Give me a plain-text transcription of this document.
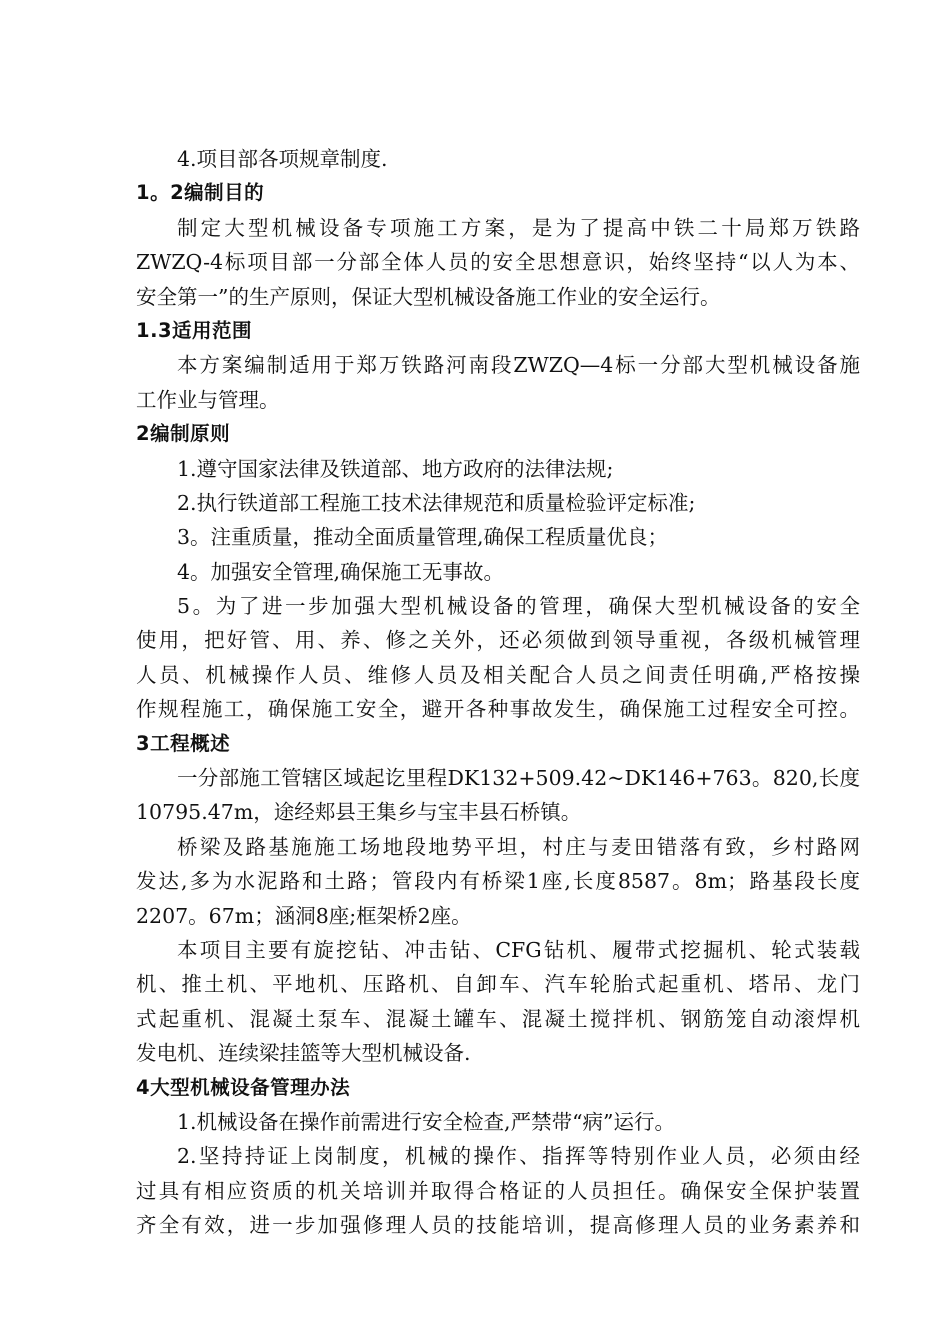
4.项目部各项规章制度.
1。2编制目的
制定大型机械设备专项施工方案，是为了提高中铁二十局郑万铁路
ZWZQ-4标项目部一分部全体人员的安全思想意识，始终坚持“以人为本、
安全第一”的生产原则，保证大型机械设备施工作业的安全运行。
1.3适用范围
本方案编制适用于郑万铁路河南段ZWZQ—4标一分部大型机械设备施
工作业与管理。
2编制原则
1.遵守国家法律及铁道部、地方政府的法律法规;
2.执行铁道部工程施工技术法律规范和质量检验评定标准;
3。注重质量，推动全面质量管理,确保工程质量优良；
4。加强安全管理,确保施工无事故。
5。为了进一步加强大型机械设备的管理，确保大型机械设备的安全
使用，把好管、用、养、修之关外，还必须做到领导重视，各级机械管理
人员、机械操作人员、维修人员及相关配合人员之间责任明确,严格按操
作规程施工，确保施工安全，避开各种事故发生，确保施工过程安全可控。
3工程概述
一分部施工管辖区域起讫里程DK132+509.42~DK146+763。820,长度
10795.47m，途经郏县王集乡与宝丰县石桥镇。
桥梁及路基施施工场地段地势平坦，村庄与麦田错落有致，乡村路网
发达,多为水泥路和土路；管段内有桥梁1座,长度8587。8m；路基段长度
2207。67m；涵洞8座;框架桥2座。
本项目主要有旋挖钻、冲击钻、CFG钻机、履带式挖掘机、轮式装载
机、推土机、平地机、压路机、自卸车、汽车轮胎式起重机、塔吊、龙门
式起重机、混凝土泵车、混凝土罐车、混凝土搅拌机、钢筋笼自动滚焊机
发电机、连续梁挂篮等大型机械设备.
4大型机械设备管理办法
1.机械设备在操作前需进行安全检查,严禁带“病”运行。
2.坚持持证上岗制度，机械的操作、指挥等特别作业人员，必须由经
过具有相应资质的机关培训并取得合格证的人员担任。确保安全保护装置
齐全有效，进一步加强修理人员的技能培训，提高修理人员的业务素养和
